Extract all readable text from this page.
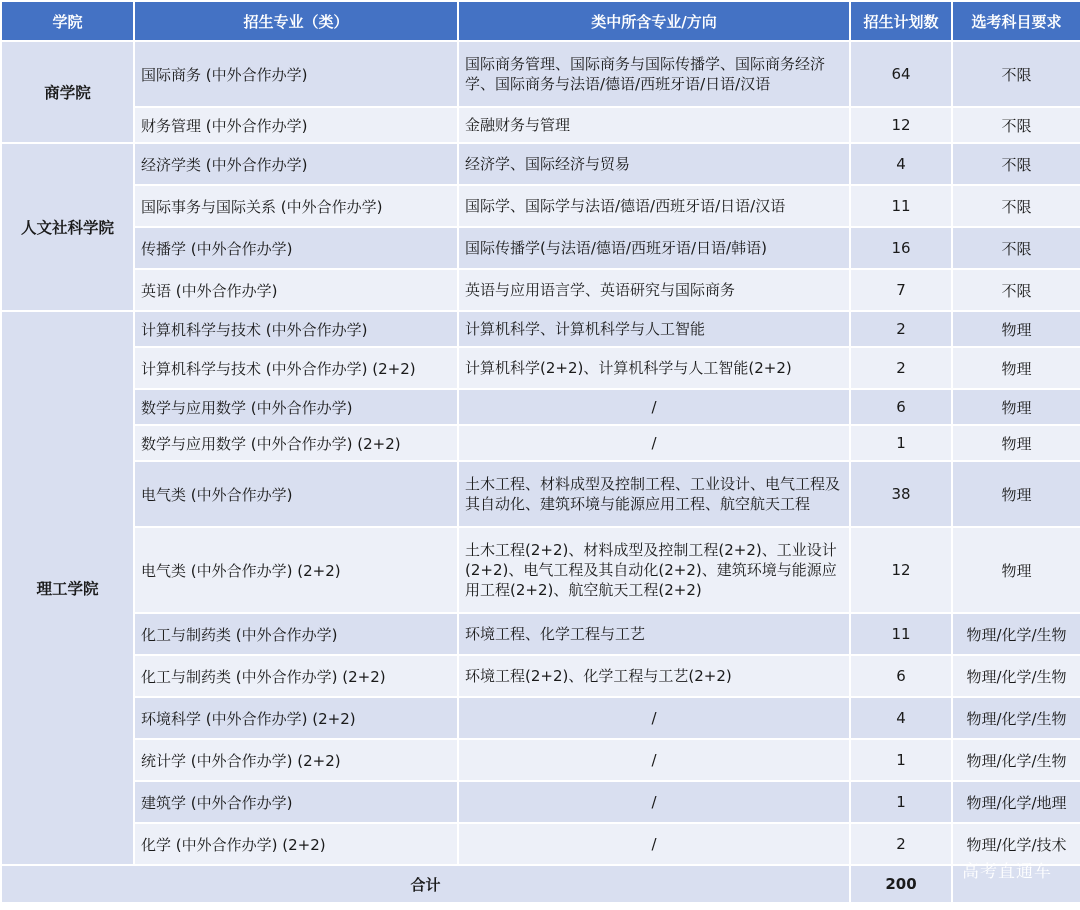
学院	招生专业（类）	类中所含专业/方向	招生计划数	选考科目要求
商学院	国际商务 (中外合作办学)	国际商务管理、国际商务与国际传播学、国际商务经济学、国际商务与法语/德语/西班牙语/日语/汉语	64	不限
	财务管理 (中外合作办学)	金融财务与管理	12	不限
人文社科学院	经济学类 (中外合作办学)	经济学、国际经济与贸易	4	不限
	国际事务与国际关系 (中外合作办学)	国际学、国际学与法语/德语/西班牙语/日语/汉语	11	不限
	传播学 (中外合作办学)	国际传播学(与法语/德语/西班牙语/日语/韩语)	16	不限
	英语 (中外合作办学)	英语与应用语言学、英语研究与国际商务	7	不限
理工学院	计算机科学与技术 (中外合作办学)	计算机科学、计算机科学与人工智能	2	物理
	计算机科学与技术 (中外合作办学) (2+2)	计算机科学(2+2)、计算机科学与人工智能(2+2)	2	物理
	数学与应用数学 (中外合作办学)	/	6	物理
	数学与应用数学 (中外合作办学) (2+2)	/	1	物理
	电气类 (中外合作办学)	土木工程、材料成型及控制工程、工业设计、电气工程及其自动化、建筑环境与能源应用工程、航空航天工程	38	物理
	电气类 (中外合作办学) (2+2)	土木工程(2+2)、材料成型及控制工程(2+2)、工业设计(2+2)、电气工程及其自动化(2+2)、建筑环境与能源应用工程(2+2)、航空航天工程(2+2)	12	物理
	化工与制药类 (中外合作办学)	环境工程、化学工程与工艺	11	物理/化学/生物
	化工与制药类 (中外合作办学) (2+2)	环境工程(2+2)、化学工程与工艺(2+2)	6	物理/化学/生物
	环境科学 (中外合作办学) (2+2)	/	4	物理/化学/生物
	统计学 (中外合作办学) (2+2)	/	1	物理/化学/生物
	建筑学 (中外合作办学)	/	1	物理/化学/地理
	化学 (中外合作办学) (2+2)	/	2	物理/化学/技术
合计			200	
高考直通车
